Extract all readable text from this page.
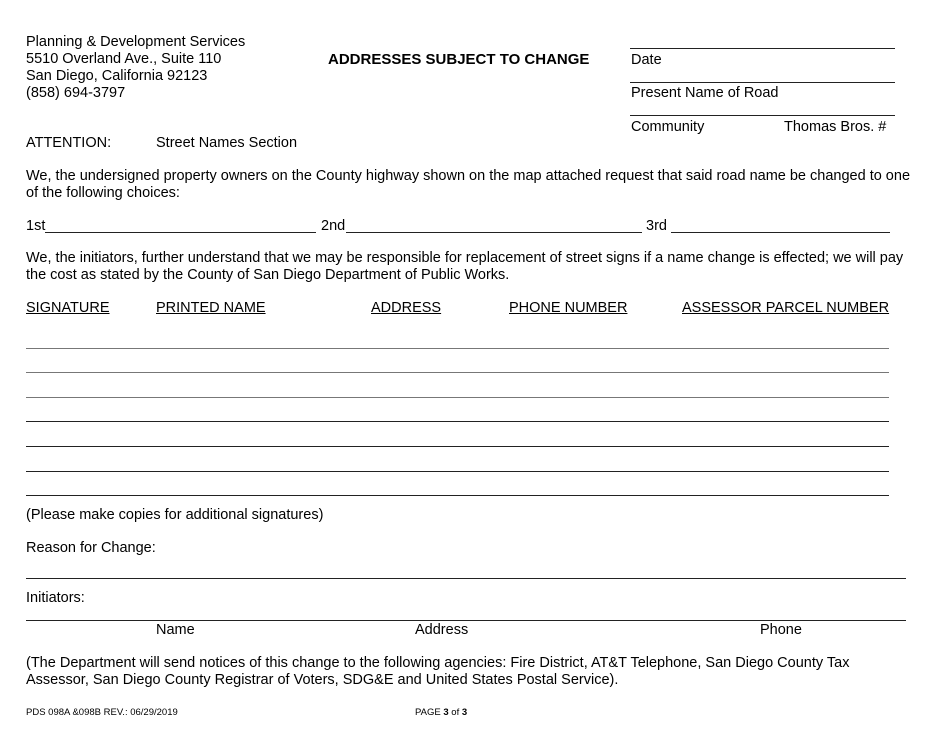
Planning & Development Services
5510 Overland Ave., Suite 110
San Diego, California 92123
(858) 694-3797
ADDRESSES SUBJECT TO CHANGE	Date
Present Name of Road
Community	Thomas Bros. #
ATTENTION:	Street Names Section
We, the undersigned property owners on the County highway shown on the map attached request that said road name be changed to one of the following choices:
1st	2nd	3rd
We, the initiators, further understand that we may be responsible for replacement of street signs if a name change is effected; we will pay the cost as stated by the County of San Diego Department of Public Works.
SIGNATURE	PRINTED NAME	ADDRESS	PHONE NUMBER	ASSESSOR PARCEL NUMBER
(Please make copies for additional signatures)
Reason for Change:
Initiators:
Name	Address	Phone
(The Department will send notices of this change to the following agencies: Fire District, AT&T Telephone, San Diego County Tax Assessor, San Diego County Registrar of Voters, SDG&E and United States Postal Service).
PDS 098A &098B REV.: 06/29/2019	PAGE 3 of 3
